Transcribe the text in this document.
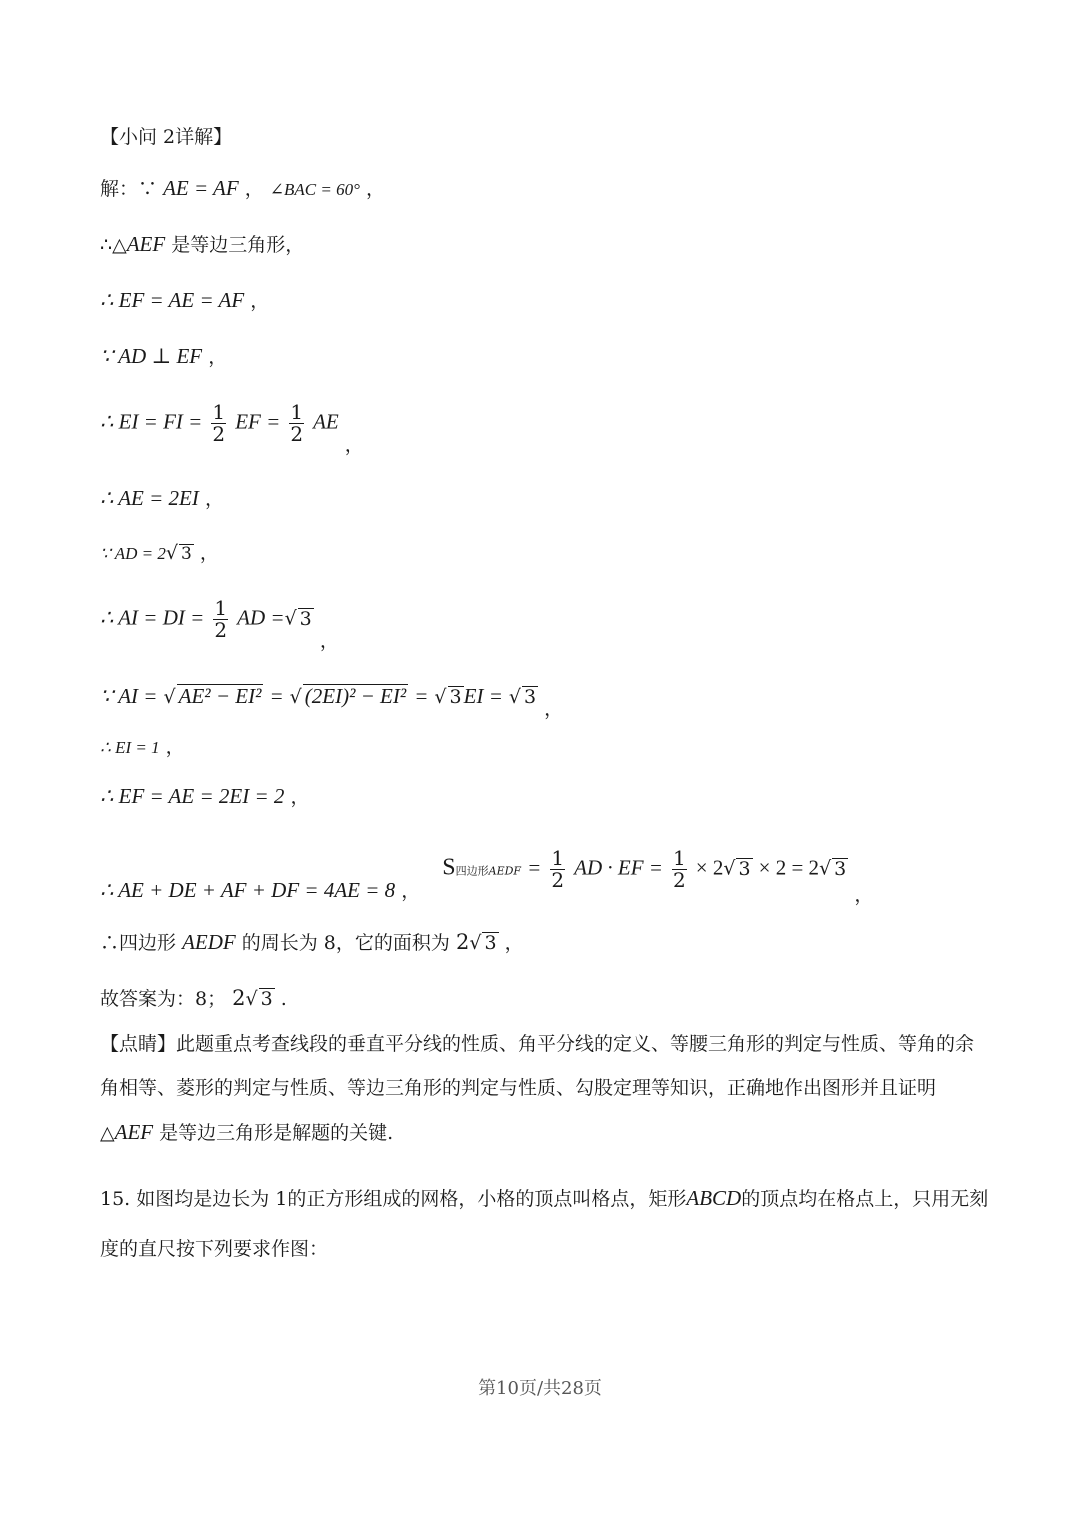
【小问 2详解】
解：∵ AE = AF ， ∠BAC = 60° ，
∴△AEF 是等边三角形，
∴ EF = AE = AF ，
∵ AD ⊥ EF ，
∴ EI = FI = $\frac{1}{2}$ EF = $\frac{1}{2}$ AE ，
∴ AE = 2EI ，
∵ AD = 2√ 3 ，
∴ AI = DI = $\frac{1}{2}$ AD =√ 3 ，
∵ AI = √ AE² − EI² = √ (2EI)² − EI² = √ 3EI = √ 3 ，
∴ EI = 1 ，
∴ EF = AE = 2EI = 2 ，
∴ AE + DE + AF + DF = 4AE = 8 ， S四边形AEDF = $\frac{1}{2}$ AD · EF = $\frac{1}{2} \times 2√$ 3 × 2 = 2√ 3 ，
∴四边形 AEDF 的周长为 8，它的面积为 2√ 3 ，
故答案为：8； 2√ 3 .
【点睛】此题重点考查线段的垂直平分线的性质、角平分线的定义、等腰三角形的判定与性质、等角的余
角相等、菱形的判定与性质、等边三角形的判定与性质、勾股定理等知识，正确地作出图形并且证明
△AEF 是等边三角形是解题的关键.
15. 如图均是边长为 1的正方形组成的网格，小格的顶点叫格点，矩形ABCD的顶点均在格点上，只用无刻
度的直尺按下列要求作图：
第10页/共28页
